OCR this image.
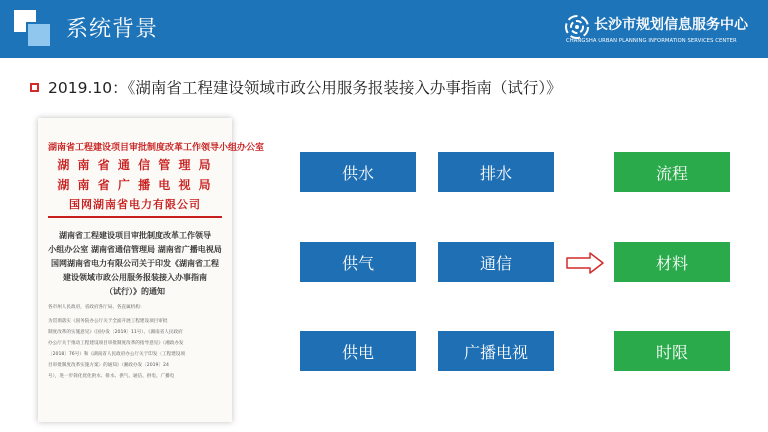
系统背景	长沙市规划信息服务中心
CHANGSHA URBAN PLANNING INFORMATION SERVICES CENTER
2019.10：《湖南省工程建设领域市政公用服务报装接入办事指南（试行）》
湖南省工程建设项目审批制度改革工作领导小组办公室
湖 南 省 通 信 管 理 局
湖 南 省 广 播 电 视 局
国网湖南省电力有限公司
湖南省工程建设项目审批制度改革工作领导
小组办公室 湖南省通信管理局 湖南省广播电视局
国网湖南省电力有限公司关于印发《湖南省工程
建设领域市政公用服务报装接入办事指南
（试行）》的通知
各市州人民政府，省政府各厅局、各直属机构：
为贯彻落实《国务院办公厅关于全面开展工程建设项目审批
制度改革的实施意见》（国办发〔2019〕11号）、《湖南省人民政府
办公厅关于推动工程建设项目审批制度改革的指导意见》（湘政办发
〔2018〕76号）和《湖南省人民政府办公厅关于印发〈工程建设项
目审批制度改革实施方案〉的通知》（湘政办发〔2019〕24
号），进一步简化优化供水、排水、供气、通信、供电、广播电
供水	排水
供气	通信
供电	广播电视
流程
材料
时限
